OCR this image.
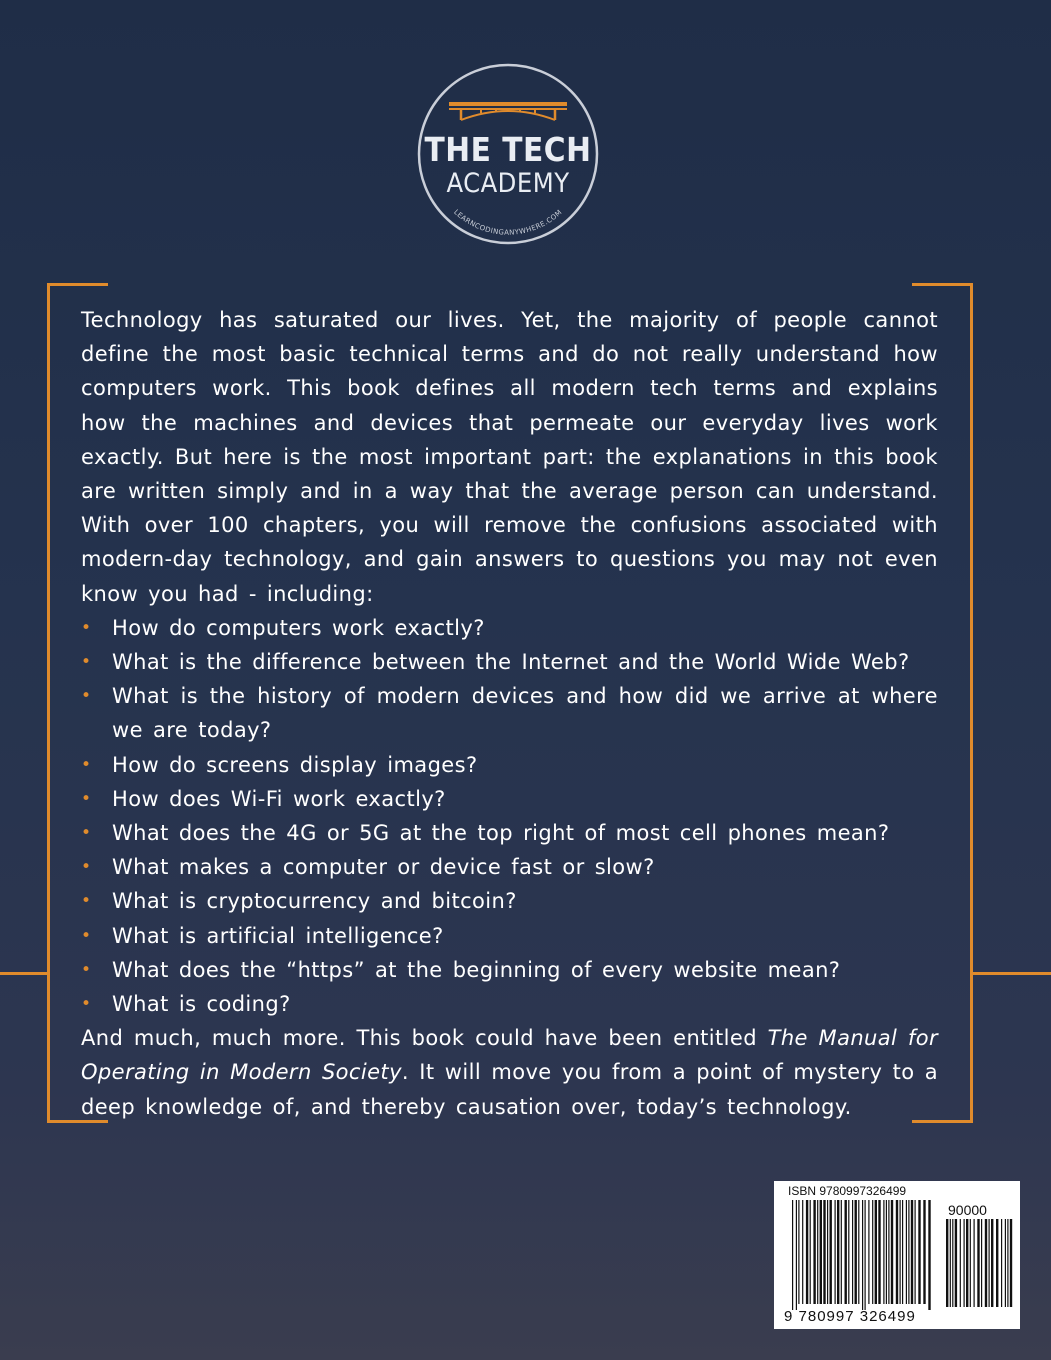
LEARNCODINGANYWHERE.COM
THE TECH
ACADEMY

Technology has saturated our lives. Yet, the majority of people cannot define the most basic technical terms and do not really understand how computers work. This book defines all modern tech terms and explains how the machines and devices that permeate our everyday lives work exactly. But here is the most important part: the explanations in this book are written simply and in a way that the average person can understand. With over 100 chapters, you will remove the confusions associated with modern-day technology, and gain answers to questions you may not even know you had - including:

• How do computers work exactly?
• What is the difference between the Internet and the World Wide Web?
• What is the history of modern devices and how did we arrive at where we are today?
• How do screens display images?
• How does Wi-Fi work exactly?
• What does the 4G or 5G at the top right of most cell phones mean?
• What makes a computer or device fast or slow?
• What is cryptocurrency and bitcoin?
• What is artificial intelligence?
• What does the “https” at the beginning of every website mean?
• What is coding?

And much, much more. This book could have been entitled The Manual for Operating in Modern Society. It will move you from a point of mystery to a deep knowledge of, and thereby causation over, today’s technology.

ISBN 9780997326499
90000
9 780997 326499
